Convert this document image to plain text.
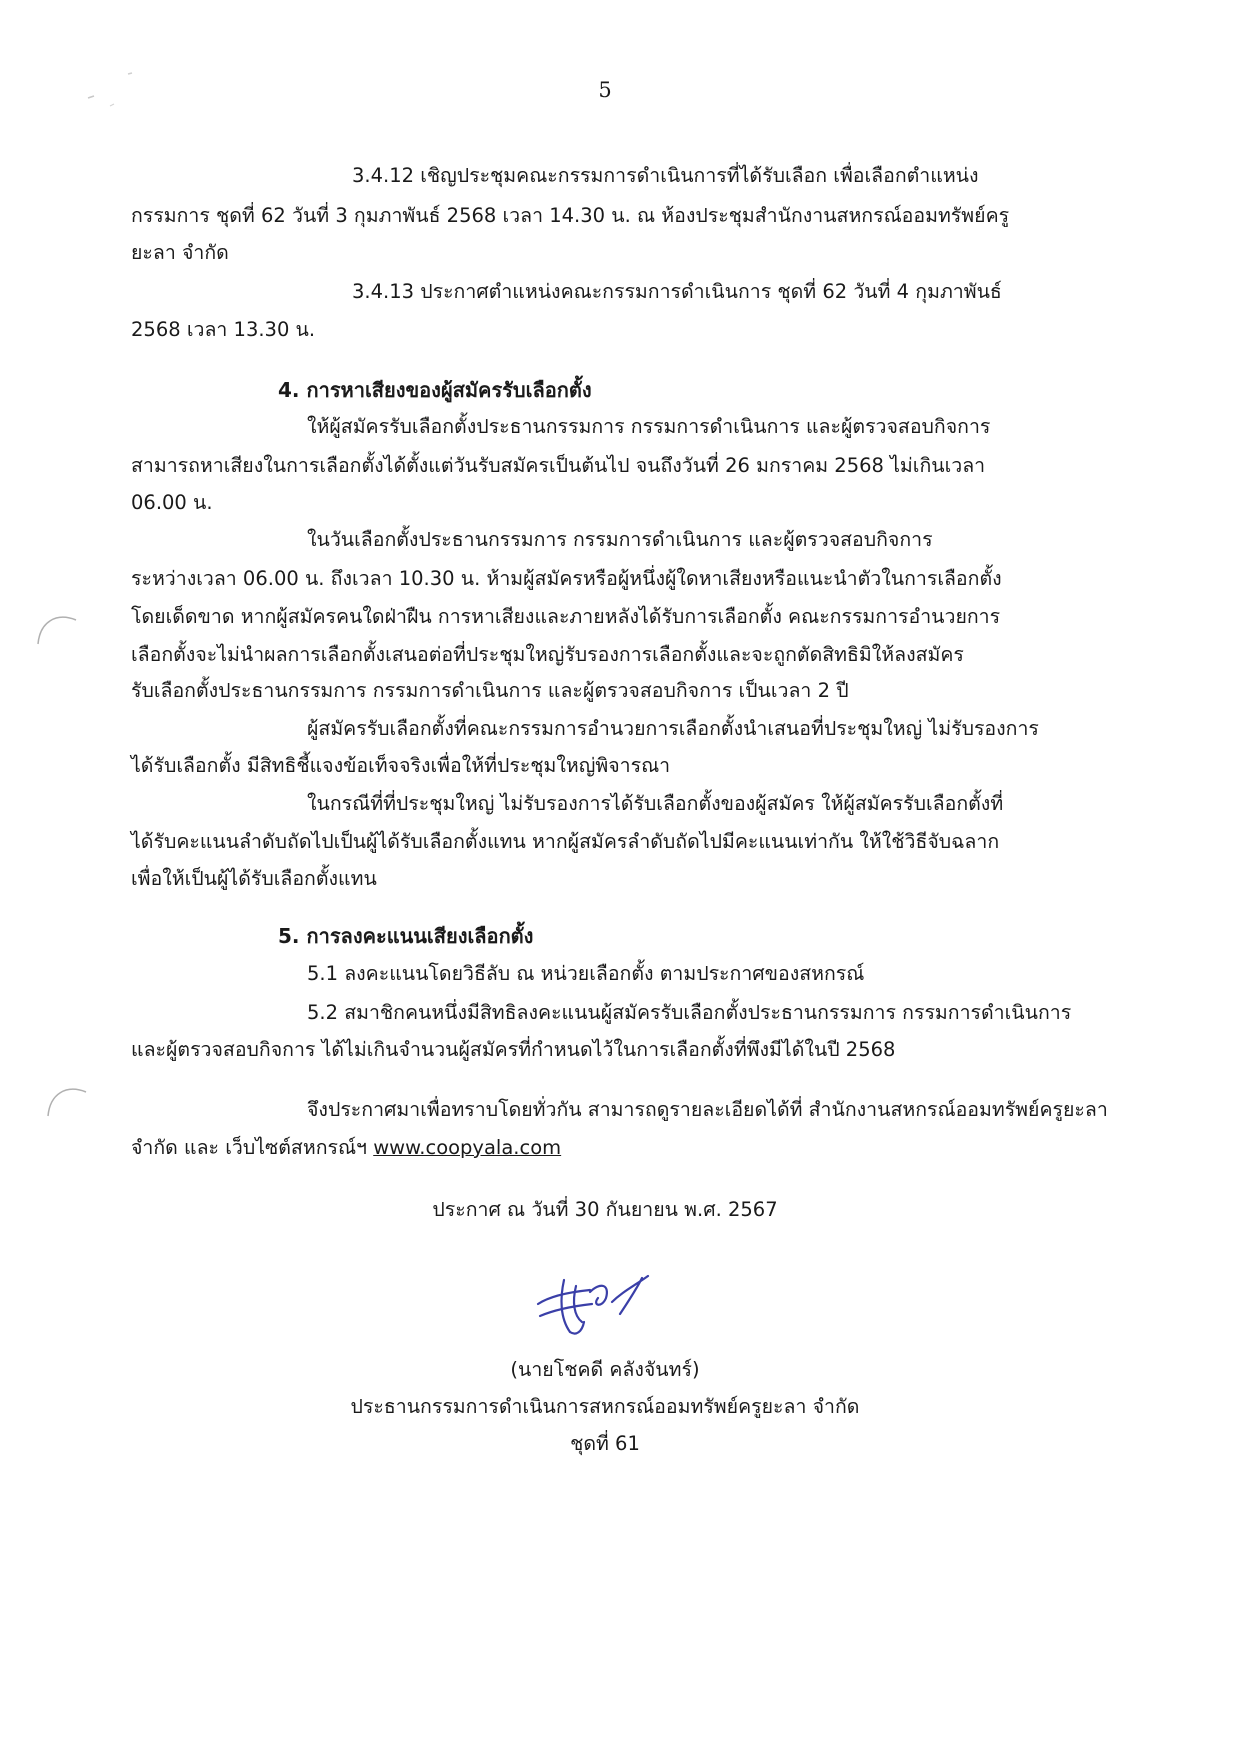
5
3.4.12 เชิญประชุมคณะกรรมการดำเนินการที่ได้รับเลือก เพื่อเลือกตำแหน่ง
กรรมการ ชุดที่ 62 วันที่ 3 กุมภาพันธ์ 2568 เวลา 14.30 น. ณ ห้องประชุมสำนักงานสหกรณ์ออมทรัพย์ครู
ยะลา จำกัด
3.4.13 ประกาศตำแหน่งคณะกรรมการดำเนินการ ชุดที่ 62 วันที่ 4 กุมภาพันธ์
2568 เวลา 13.30 น.
4. การหาเสียงของผู้สมัครรับเลือกตั้ง
ให้ผู้สมัครรับเลือกตั้งประธานกรรมการ กรรมการดำเนินการ และผู้ตรวจสอบกิจการ
สามารถหาเสียงในการเลือกตั้งได้ตั้งแต่วันรับสมัครเป็นต้นไป จนถึงวันที่ 26 มกราคม 2568 ไม่เกินเวลา
06.00 น.
ในวันเลือกตั้งประธานกรรมการ กรรมการดำเนินการ และผู้ตรวจสอบกิจการ
ระหว่างเวลา 06.00 น. ถึงเวลา 10.30 น. ห้ามผู้สมัครหรือผู้หนึ่งผู้ใดหาเสียงหรือแนะนำตัวในการเลือกตั้ง
โดยเด็ดขาด หากผู้สมัครคนใดฝ่าฝืน การหาเสียงและภายหลังได้รับการเลือกตั้ง คณะกรรมการอำนวยการ
เลือกตั้งจะไม่นำผลการเลือกตั้งเสนอต่อที่ประชุมใหญ่รับรองการเลือกตั้งและจะถูกตัดสิทธิมิให้ลงสมัคร
รับเลือกตั้งประธานกรรมการ กรรมการดำเนินการ และผู้ตรวจสอบกิจการ เป็นเวลา 2 ปี
ผู้สมัครรับเลือกตั้งที่คณะกรรมการอำนวยการเลือกตั้งนำเสนอที่ประชุมใหญ่ ไม่รับรองการ
ได้รับเลือกตั้ง มีสิทธิชี้แจงข้อเท็จจริงเพื่อให้ที่ประชุมใหญ่พิจารณา
ในกรณีที่ที่ประชุมใหญ่ ไม่รับรองการได้รับเลือกตั้งของผู้สมัคร ให้ผู้สมัครรับเลือกตั้งที่
ได้รับคะแนนลำดับถัดไปเป็นผู้ได้รับเลือกตั้งแทน หากผู้สมัครลำดับถัดไปมีคะแนนเท่ากัน ให้ใช้วิธีจับฉลาก
เพื่อให้เป็นผู้ได้รับเลือกตั้งแทน
5. การลงคะแนนเสียงเลือกตั้ง
5.1 ลงคะแนนโดยวิธีลับ ณ หน่วยเลือกตั้ง ตามประกาศของสหกรณ์
5.2 สมาชิกคนหนึ่งมีสิทธิลงคะแนนผู้สมัครรับเลือกตั้งประธานกรรมการ กรรมการดำเนินการ
และผู้ตรวจสอบกิจการ ได้ไม่เกินจำนวนผู้สมัครที่กำหนดไว้ในการเลือกตั้งที่พึงมีได้ในปี 2568
จึงประกาศมาเพื่อทราบโดยทั่วกัน สามารถดูรายละเอียดได้ที่ สำนักงานสหกรณ์ออมทรัพย์ครูยะลา
จำกัด และ เว็บไซต์สหกรณ์ฯ www.coopyala.com
ประกาศ ณ วันที่ 30 กันยายน พ.ศ. 2567
(นายโชคดี คลังจันทร์)
ประธานกรรมการดำเนินการสหกรณ์ออมทรัพย์ครูยะลา จำกัด
ชุดที่ 61
